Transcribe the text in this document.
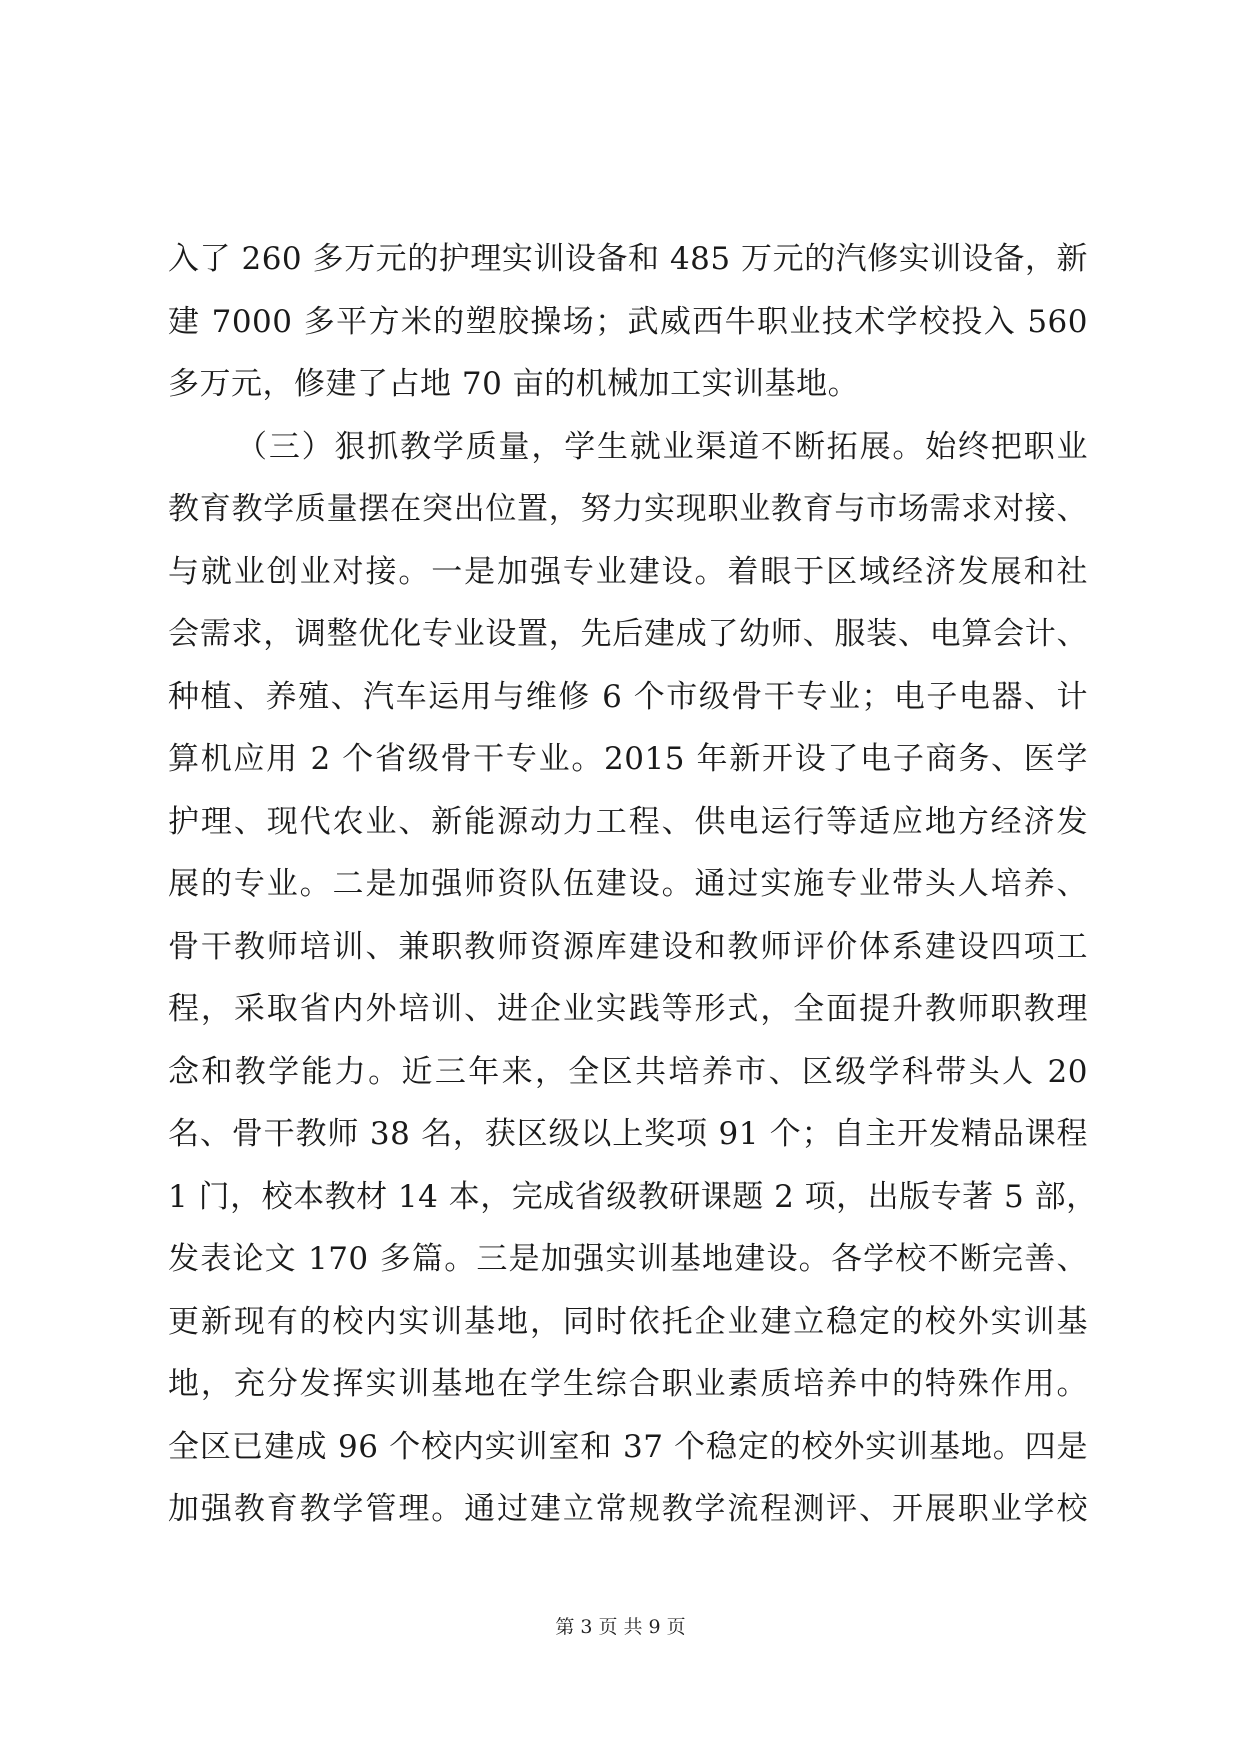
入了 260 多万元的护理实训设备和 485 万元的汽修实训设备，新
建 7000 多平方米的塑胶操场；武威西牛职业技术学校投入 560
多万元，修建了占地 70 亩的机械加工实训基地。
（三）狠抓教学质量，学生就业渠道不断拓展。始终把职业
教育教学质量摆在突出位置，努力实现职业教育与市场需求对接、
与就业创业对接。一是加强专业建设。着眼于区域经济发展和社
会需求，调整优化专业设置，先后建成了幼师、服装、电算会计、
种植、养殖、汽车运用与维修 6 个市级骨干专业；电子电器、计
算机应用 2 个省级骨干专业。2015 年新开设了电子商务、医学
护理、现代农业、新能源动力工程、供电运行等适应地方经济发
展的专业。二是加强师资队伍建设。通过实施专业带头人培养、
骨干教师培训、兼职教师资源库建设和教师评价体系建设四项工
程，采取省内外培训、进企业实践等形式，全面提升教师职教理
念和教学能力。近三年来，全区共培养市、区级学科带头人 20
名、骨干教师 38 名，获区级以上奖项 91 个；自主开发精品课程
1 门，校本教材 14 本，完成省级教研课题 2 项，出版专著 5 部，
发表论文 170 多篇。三是加强实训基地建设。各学校不断完善、
更新现有的校内实训基地，同时依托企业建立稳定的校外实训基
地，充分发挥实训基地在学生综合职业素质培养中的特殊作用。
全区已建成 96 个校内实训室和 37 个稳定的校外实训基地。四是
加强教育教学管理。通过建立常规教学流程测评、开展职业学校
第 3 页 共 9 页
